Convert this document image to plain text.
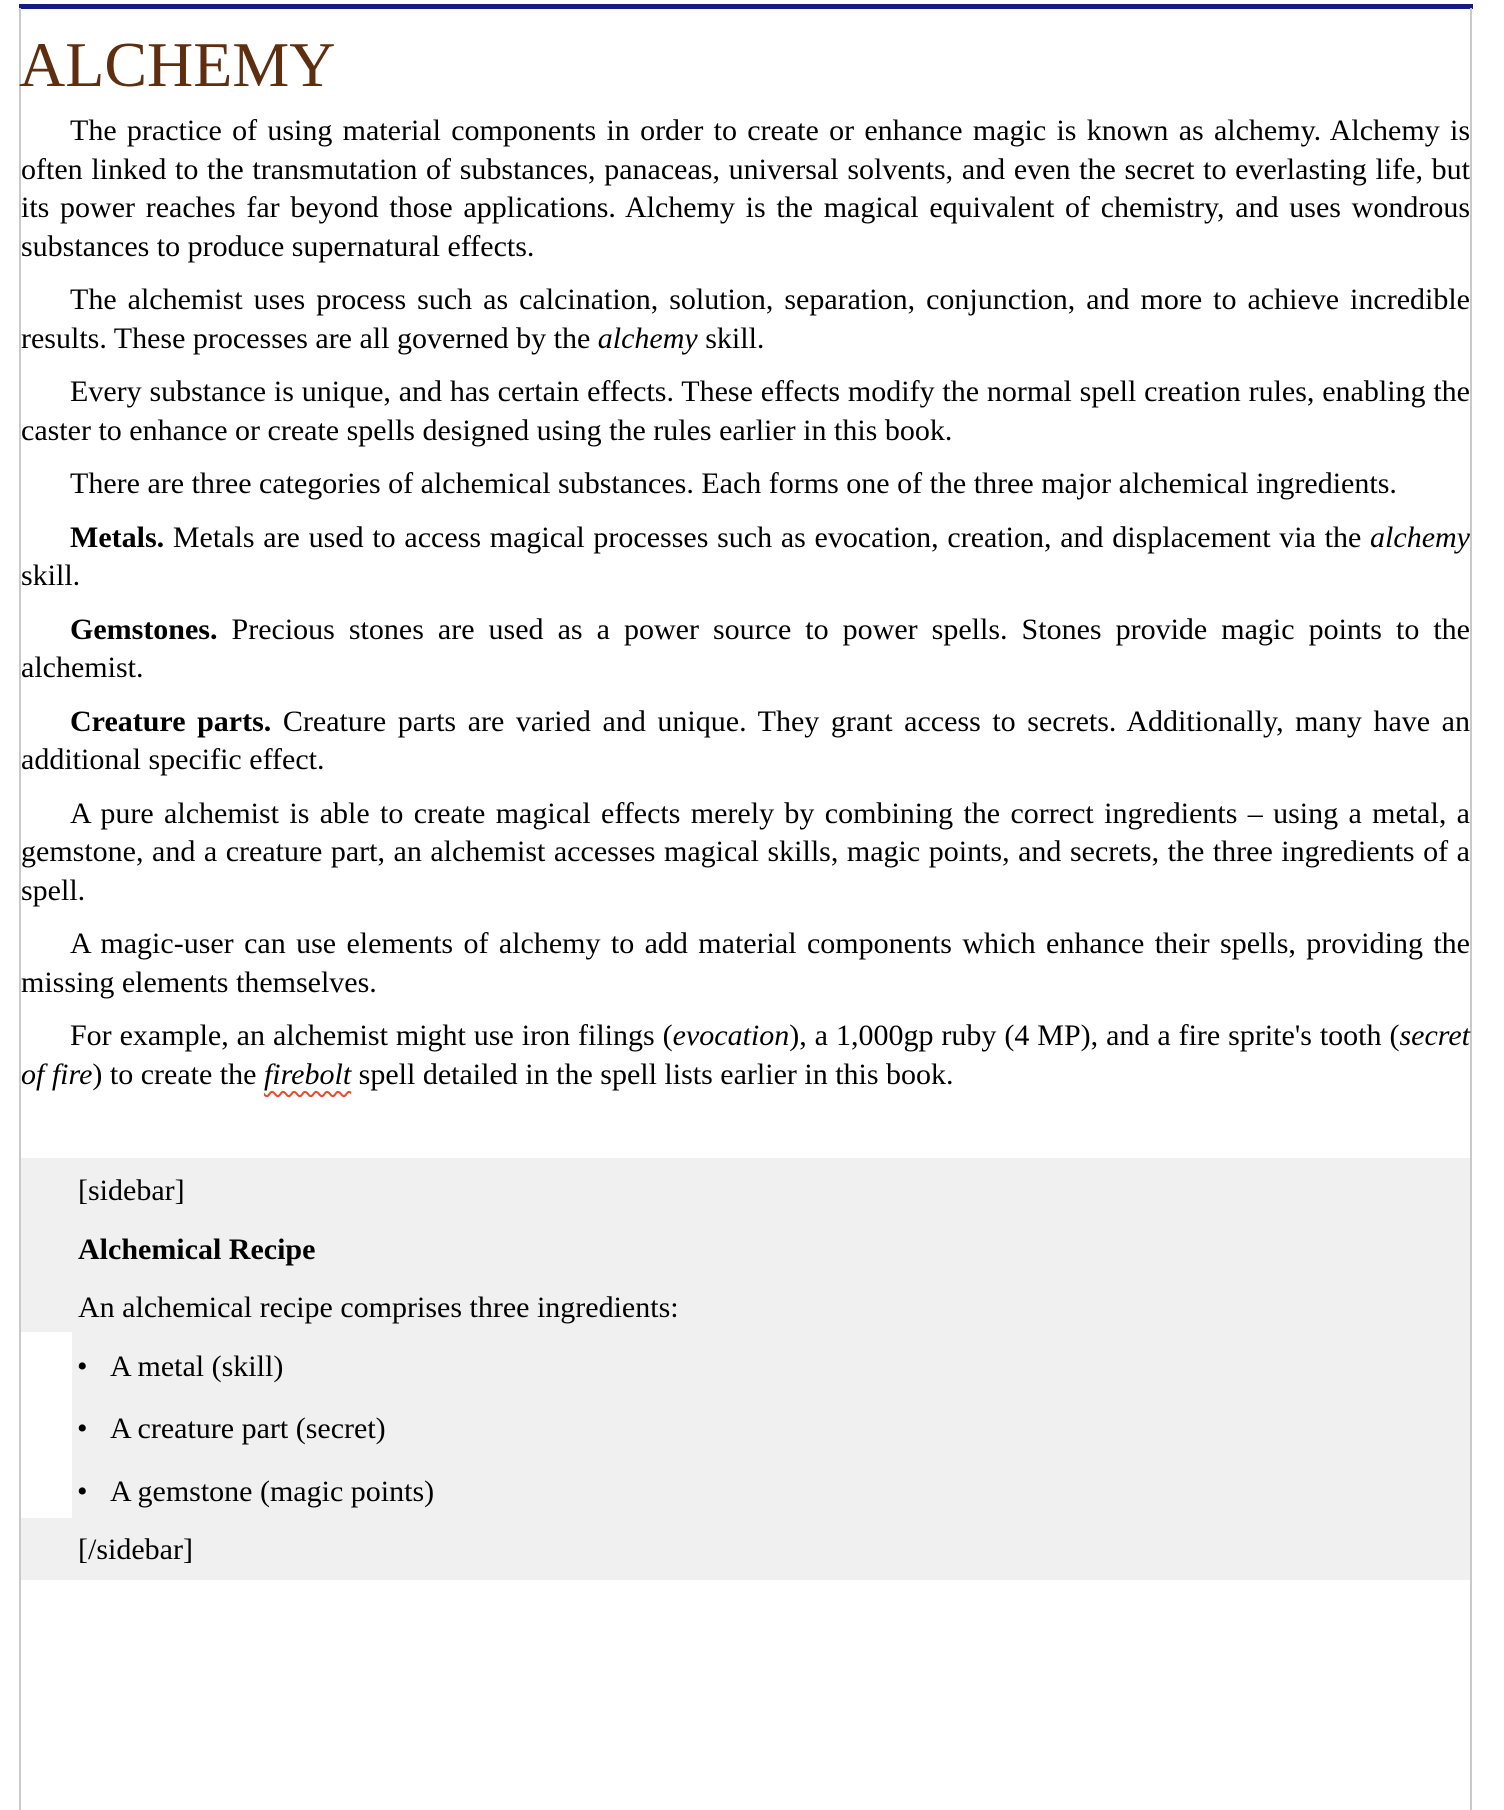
ALCHEMY

The practice of using material components in order to create or enhance magic is known as alchemy. Alchemy is often linked to the transmutation of substances, panaceas, universal solvents, and even the secret to everlasting life, but its power reaches far beyond those applications. Alchemy is the magical equivalent of chemistry, and uses wondrous substances to produce supernatural effects.

The alchemist uses process such as calcination, solution, separation, conjunction, and more to achieve incredible results. These processes are all governed by the alchemy skill.

Every substance is unique, and has certain effects. These effects modify the normal spell creation rules, enabling the caster to enhance or create spells designed using the rules earlier in this book.

There are three categories of alchemical substances. Each forms one of the three major alchemical ingredients.

Metals. Metals are used to access magical processes such as evocation, creation, and displacement via the alchemy skill.

Gemstones. Precious stones are used as a power source to power spells. Stones provide magic points to the alchemist.

Creature parts. Creature parts are varied and unique. They grant access to secrets. Additionally, many have an additional specific effect.

A pure alchemist is able to create magical effects merely by combining the correct ingredients – using a metal, a gemstone, and a creature part, an alchemist accesses magical skills, magic points, and secrets, the three ingredients of a spell.

A magic-user can use elements of alchemy to add material components which enhance their spells, providing the missing elements themselves.

For example, an alchemist might use iron filings (evocation), a 1,000gp ruby (4 MP), and a fire sprite's tooth (secret of fire) to create the firebolt spell detailed in the spell lists earlier in this book.

[sidebar]

Alchemical Recipe

An alchemical recipe comprises three ingredients:

• A metal (skill)
• A creature part (secret)
• A gemstone (magic points)

[/sidebar]
